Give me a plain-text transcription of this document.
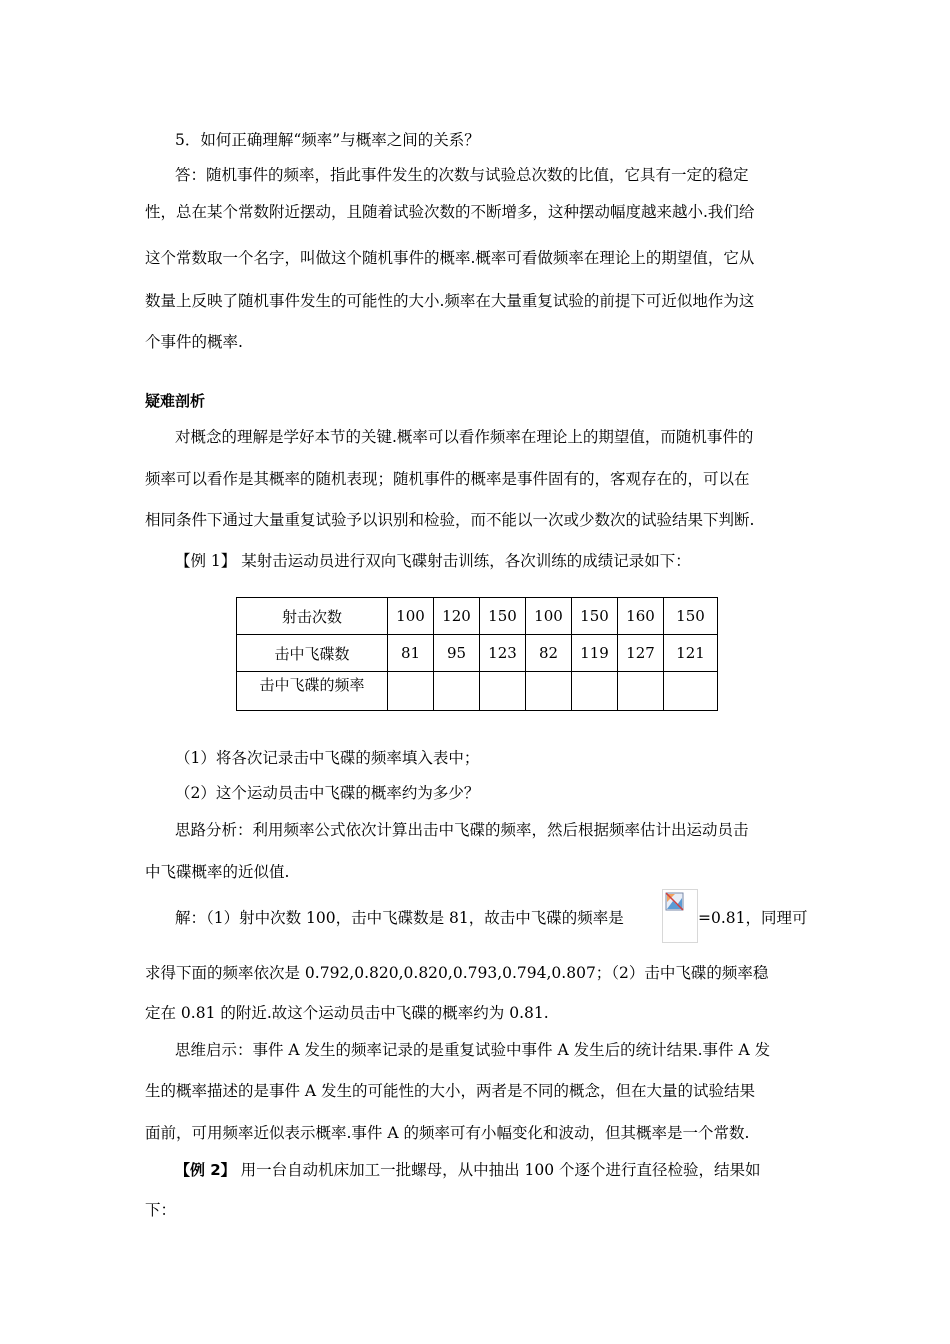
5．如何正确理解“频率”与概率之间的关系？
答：随机事件的频率，指此事件发生的次数与试验总次数的比值，它具有一定的稳定
性，总在某个常数附近摆动，且随着试验次数的不断增多，这种摆动幅度越来越小.我们给
这个常数取一个名字，叫做这个随机事件的概率.概率可看做频率在理论上的期望值，它从
数量上反映了随机事件发生的可能性的大小.频率在大量重复试验的前提下可近似地作为这
个事件的概率.
疑难剖析
对概念的理解是学好本节的关键.概率可以看作频率在理论上的期望值，而随机事件的
频率可以看作是其概率的随机表现；随机事件的概率是事件固有的，客观存在的，可以在
相同条件下通过大量重复试验予以识别和检验，而不能以一次或少数次的试验结果下判断.
【例 1】 某射击运动员进行双向飞碟射击训练，各次训练的成绩记录如下：
射击次数	100	120	150	100	150	160	150
击中飞碟数	81	95	123	82	119	127	121
击中飞碟的频率							
（1）将各次记录击中飞碟的频率填入表中；
（2）这个运动员击中飞碟的概率约为多少？
思路分析：利用频率公式依次计算出击中飞碟的频率，然后根据频率估计出运动员击
中飞碟概率的近似值.
解：（1）射中次数 100，击中飞碟数是 81，故击中飞碟的频率是	=0.81，同理可
求得下面的频率依次是 0.792,0.820,0.820,0.793,0.794,0.807；（2）击中飞碟的频率稳
定在 0.81 的附近.故这个运动员击中飞碟的概率约为 0.81.
思维启示：事件 A 发生的频率记录的是重复试验中事件 A 发生后的统计结果.事件 A 发
生的概率描述的是事件 A 发生的可能性的大小，两者是不同的概念，但在大量的试验结果
面前，可用频率近似表示概率.事件 A 的频率可有小幅变化和波动，但其概率是一个常数.
【例 2】 用一台自动机床加工一批螺母，从中抽出 100 个逐个进行直径检验，结果如
下：
